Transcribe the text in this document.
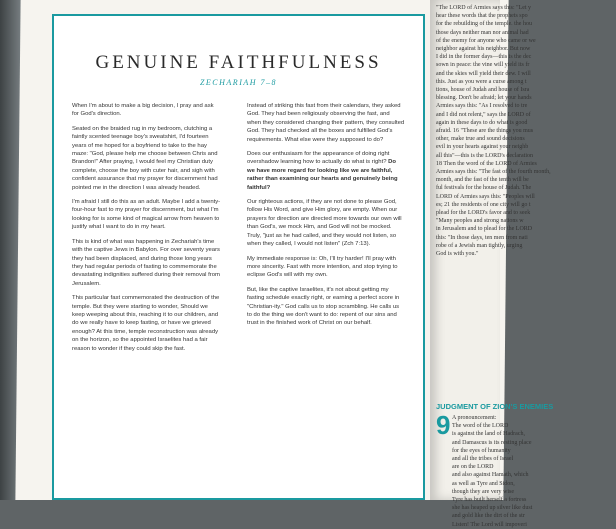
GENUINE FAITHFULNESS
ZECHARIAH 7–8

When I'm about to make a big decision, I pray and ask for God's direction.

Seated on the braided rug in my bedroom, clutching a faintly scented teenage boy's sweatshirt, I'd fourteen years of me hoped for a boyfriend to take to the hay maze: "God, please help me choose between Chris and Brandon!" After praying, I would feel my Christian duty complete, choose the boy with cuter hair, and sigh with confident assurance that my prayer for discernment had pointed me in the direction I was already headed.

I'm afraid I still do this as an adult. Maybe I add a twenty-four-hour fast to my prayer for discernment, but what I'm looking for is some kind of magical arrow from heaven to justify what I want to do in my heart.

This is kind of what was happening in Zechariah's time with the captive Jews in Babylon. For over seventy years they had been displaced, and during those long years they had regular periods of fasting to commemorate the devastating indignities suffered during their removal from Jerusalem.

This particular fast commemorated the destruction of the temple. But they were starting to wonder, Should we keep weeping about this, reaching it to our children, and do we really have to keep fasting, or have we grieved enough? At this time, temple reconstruction was already on the horizon, so the appointed Israelites had a fair reason to wonder if they could skip the fast.

Instead of striking this fast from their calendars, they asked God. They had been religiously observing the fast, and when they considered changing their pattern, they consulted God. They had checked all the boxes and fulfilled God's requirements. What else were they supposed to do?

Does our enthusiasm for the appearance of doing right overshadow learning how to actually do what is right? Do we have more regard for looking like we are faithful, rather than examining our hearts and genuinely being faithful?

Our righteous actions, if they are not done to please God, follow His Word, and give Him glory, are empty. When our prayers for direction are directed more towards our own will than God's, we mock Him, and God will not be mocked. Truly, "just as he had called, and they would not listen, so when they called, I would not listen" (Zch 7:13).

My immediate response is: Oh, I'll try harder! I'll pray with more sincerity. Fast with more intention, and stop trying to eclipse God's will with my own.

But, like the captive Israelites, it's not about getting my fasting schedule exactly right, or earning a perfect score in "Christian-ity." God calls us to stop scrambling. He calls us to do the thing we don't want to do: repent of our sins and trust in the finished work of Christ on our behalf.

"The LORD of Armies says this: "Let y
hear these words that the prophets spo
for the rebuilding of the temple. the hou
those days neither man nor animal had
of the enemy for anyone who came or we
neighbor against his neighbor. But now
I did in the former days—this is the dec
sown in peace: the vine will yield its fr
and the skies will yield their dew. I will
this. Just as you were a curse among t
tions, house of Judah and house of Isra
blessing. Don't be afraid; let your hands
Armies says this: "As I resolved to tre
and I did not relent," says the LORD of
again in these days to do what is good
afraid. 16 "These are the things you mus
other, make true and sound decisions
evil in your hearts against your neighb
all this"—this is the LORD's declaration
18 Then the word of the LORD of Armies
Armies says this: "The fast of the fourth month,
month, and the fast of the tenth will be
ful festivals for the house of Judah. The
LORD of Armies says this: "Peoples will
es; 21 the residents of one city will go t
plead for the LORD's favor and to seek
"Many peoples and strong nations w
in Jerusalem and to plead for the LORD
this: "In those days, ten men from nati
robe of a Jewish man tightly, urging
God is with you."
JUDGMENT OF ZION'S ENEMIES
9 A pronouncement:
The word of the LORD
is against the land of Hadrach,
and Damascus is its resting place
for the eyes of humanity
and all the tribes of Israel
are on the LORD
and also against Hamath, which
as well as Tyre and Sidon,
though they are very wise
Tyre has built herself a fortress
she has heaped up silver like dust
and gold like the dirt of the str
Listen! The Lord will impoveri
